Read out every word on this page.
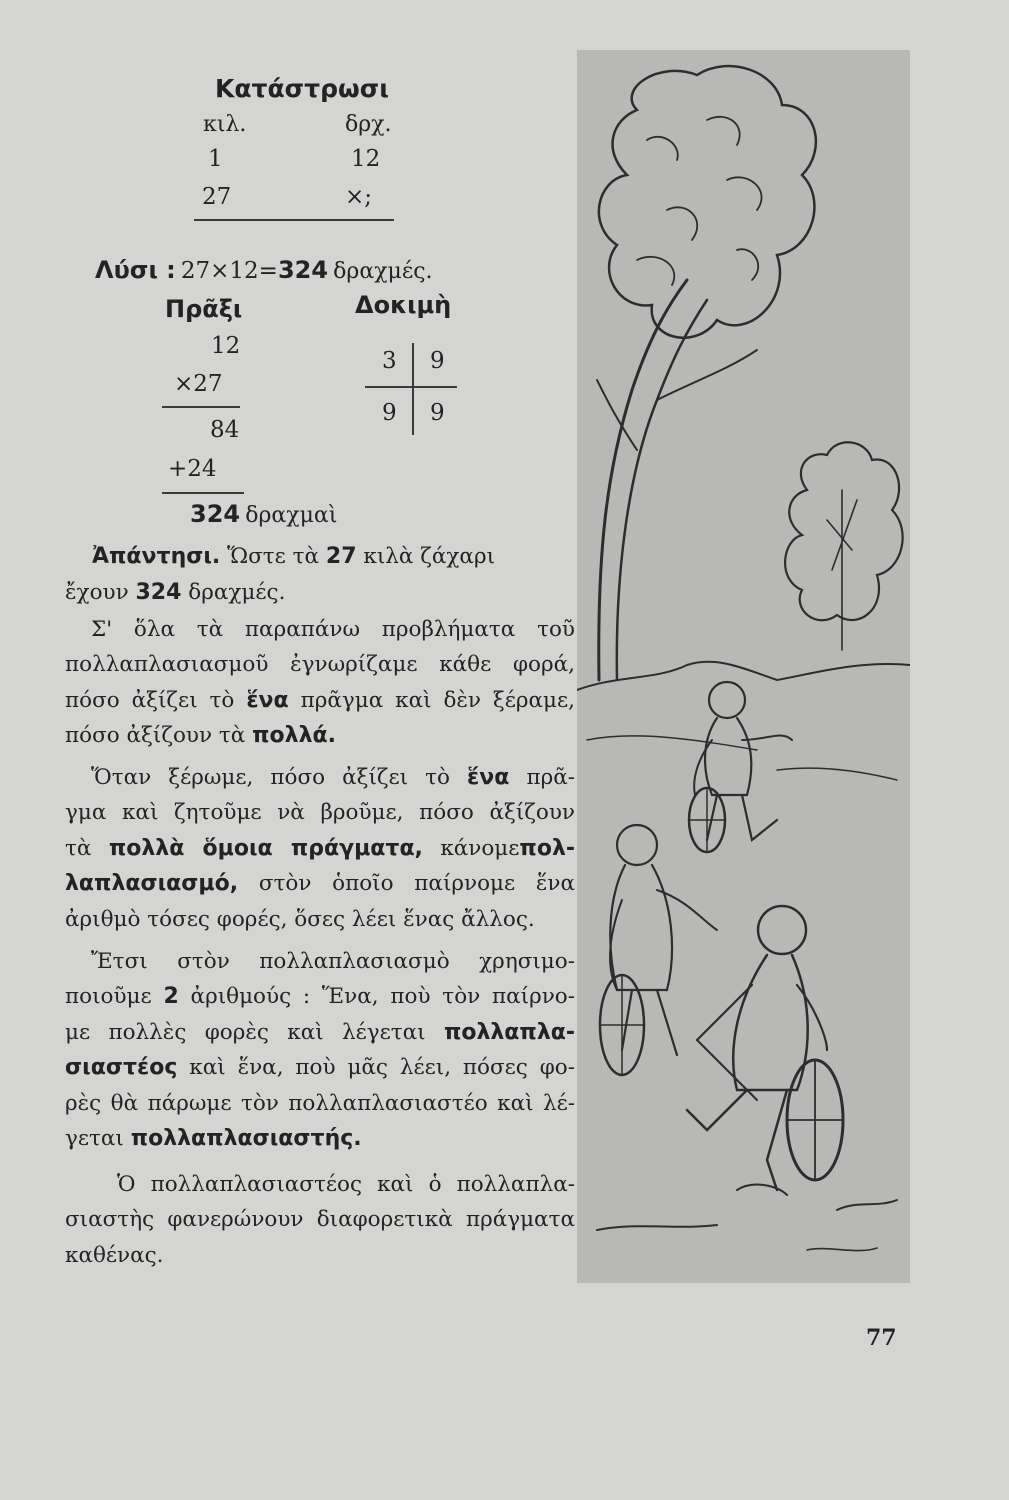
Κατάστρωσι
κιλ.	δρχ.
1	12
27	×;
Λύσι : 27×12=324 δραχμές.
Πρᾶξι
12
×27
84
+24
324 δραχμαὶ
Δοκιμὴ
3 9
9 9
Ἀπάντησι. Ὥστε τὰ 27 κιλὰ ζάχαρι
ἔχουν 324 δραχμές.
Σ' ὅλα τὰ παραπάνω προβλήματα τοῦ
πολλαπλασιασμοῦ ἐγνωρίζαμε κάθε φορά,
πόσο ἀξίζει τὸ ἕνα πρᾶγμα καὶ δὲν ξέραμε,
πόσο ἀξίζουν τὰ πολλά.
Ὅταν ξέρωμε, πόσο ἀξίζει τὸ ἕνα πρᾶ-
γμα καὶ ζητοῦμε νὰ βροῦμε, πόσο ἀξίζουν
τὰ πολλὰ ὅμοια πράγματα, κάνομεπολ-
λαπλασιασμό, στὸν ὁποῖο παίρνομε ἕνα
ἀριθμὸ τόσες φορές, ὅσες λέει ἕνας ἄλλος.
Ἔτσι στὸν πολλαπλασιασμὸ χρησιμο-
ποιοῦμε 2 ἀριθμούς : Ἕνα, ποὺ τὸν παίρνο-
με πολλὲς φορὲς καὶ λέγεται πολλαπλα-
σιαστέος καὶ ἕνα, ποὺ μᾶς λέει, πόσες φο-
ρὲς θὰ πάρωμε τὸν πολλαπλασιαστέο καὶ λέ-
γεται πολλαπλασιαστής.
Ὁ πολλαπλασιαστέος καὶ ὁ πολλαπλα-
σιαστὴς φανερώνουν διαφορετικὰ πράγματα
καθένας.
77
